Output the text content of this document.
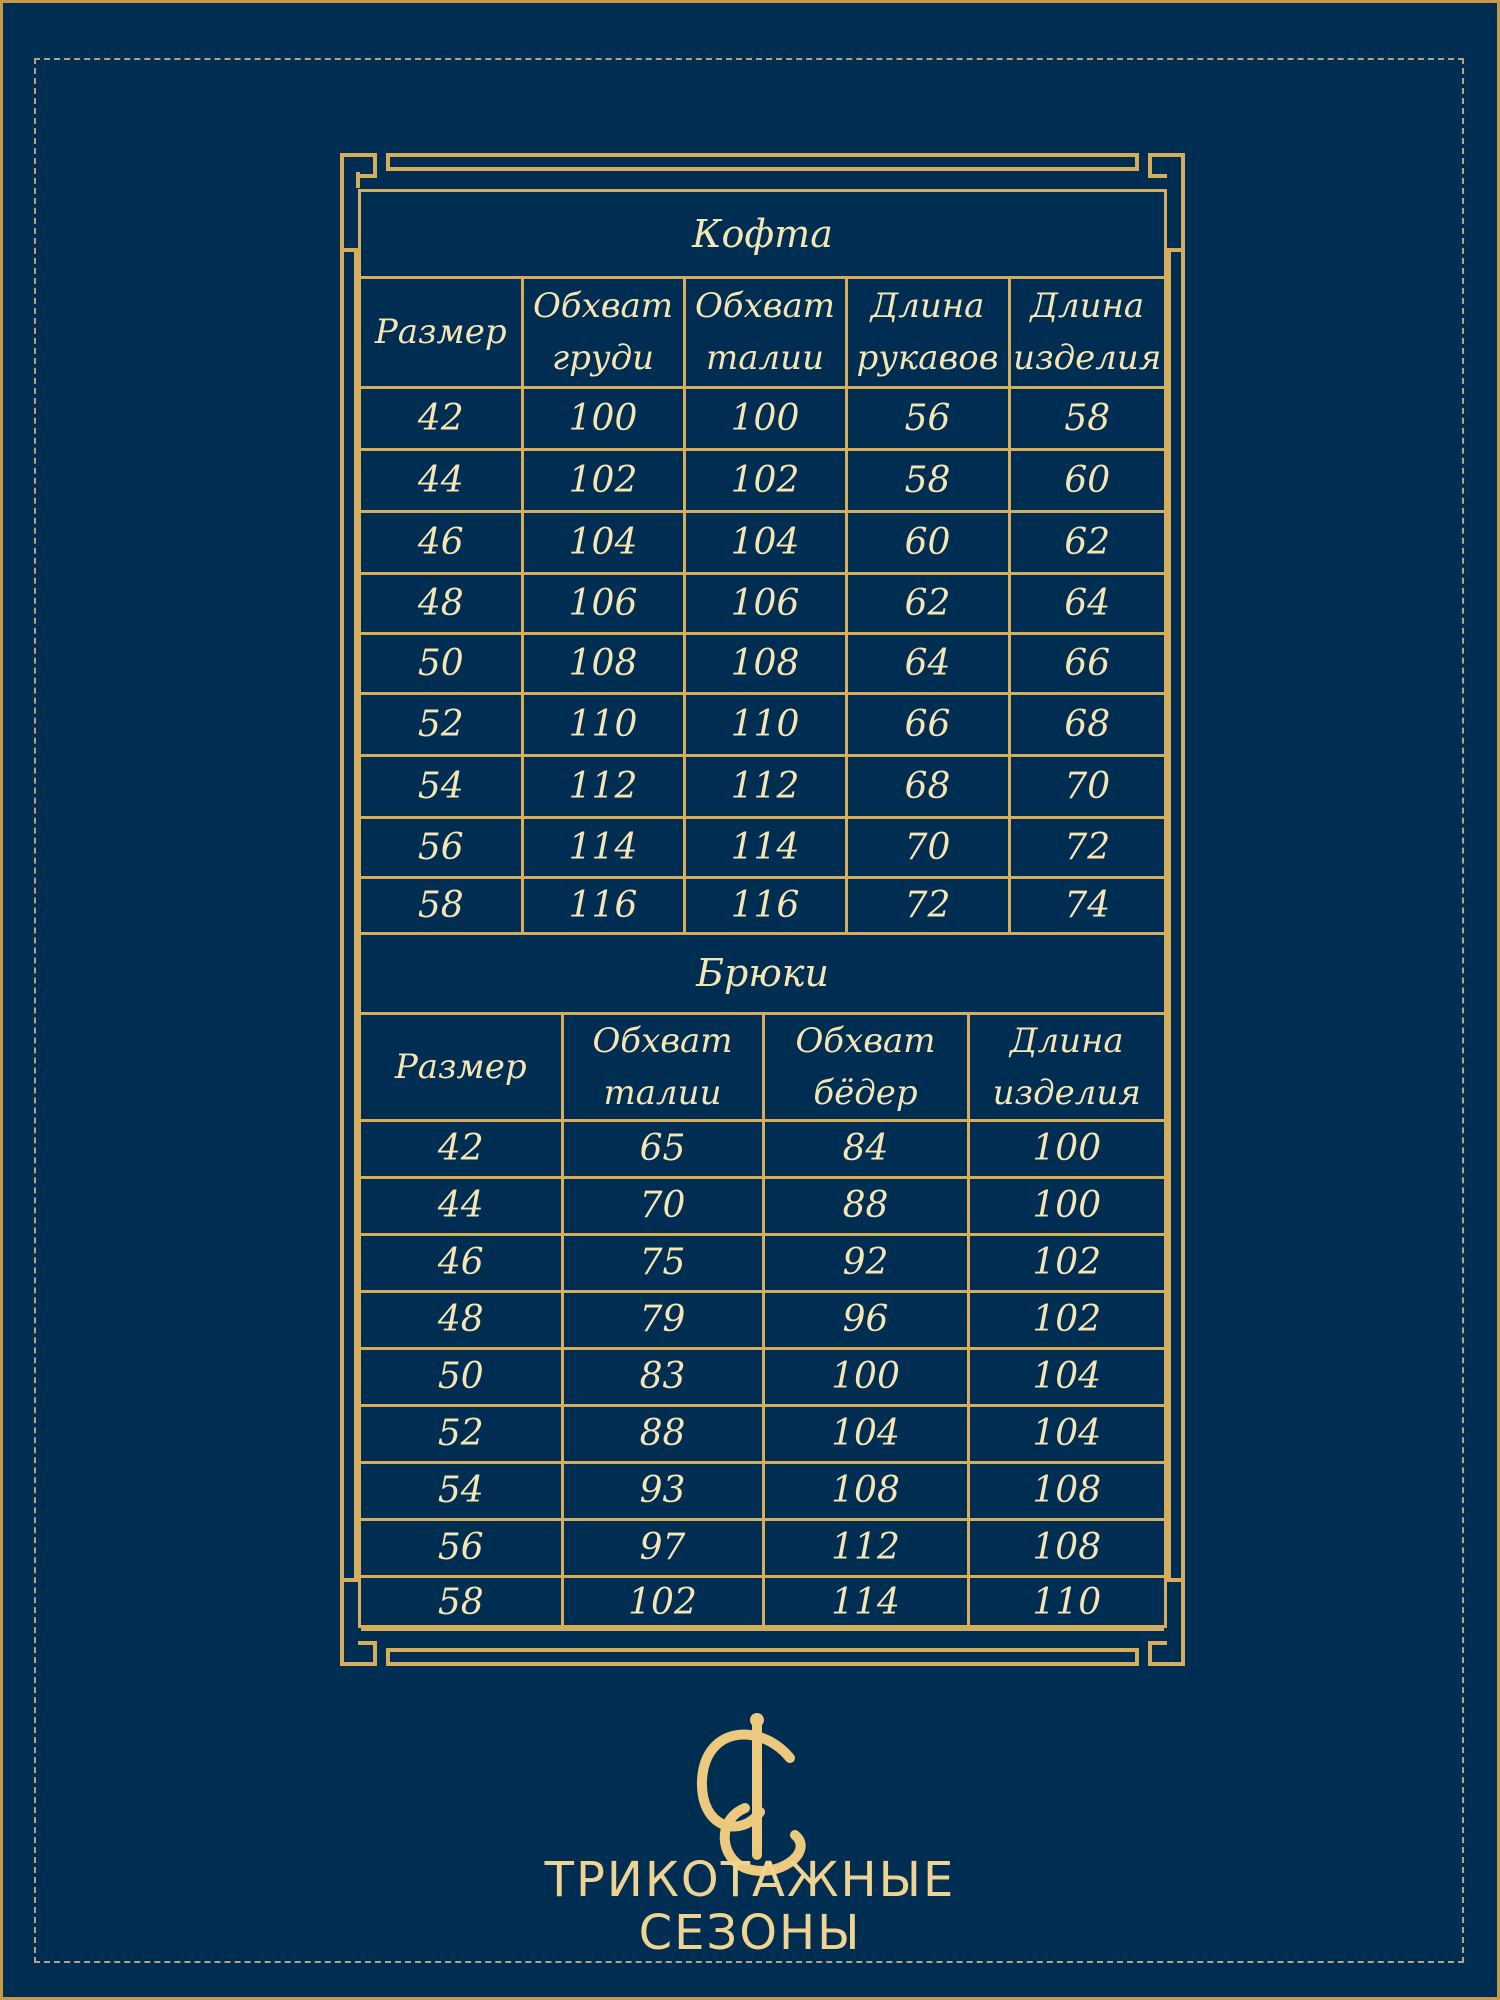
Кофта				
Размер	Обхват груди	Обхват талии	Длина рукавов	Длина изделия
42	100	100	56	58
44	102	102	58	60
46	104	104	60	62
48	106	106	62	64
50	108	108	64	66
52	110	110	66	68
54	112	112	68	70
56	114	114	70	72
58	116	116	72	74
Брюки			
Размер	Обхват талии	Обхват бёдер	Длина изделия
42	65	84	100
44	70	88	100
46	75	92	102
48	79	96	102
50	83	100	104
52	88	104	104
54	93	108	108
56	97	112	108
58	102	114	110
ТРИКОТАЖНЫЕ
СЕЗОНЫ
